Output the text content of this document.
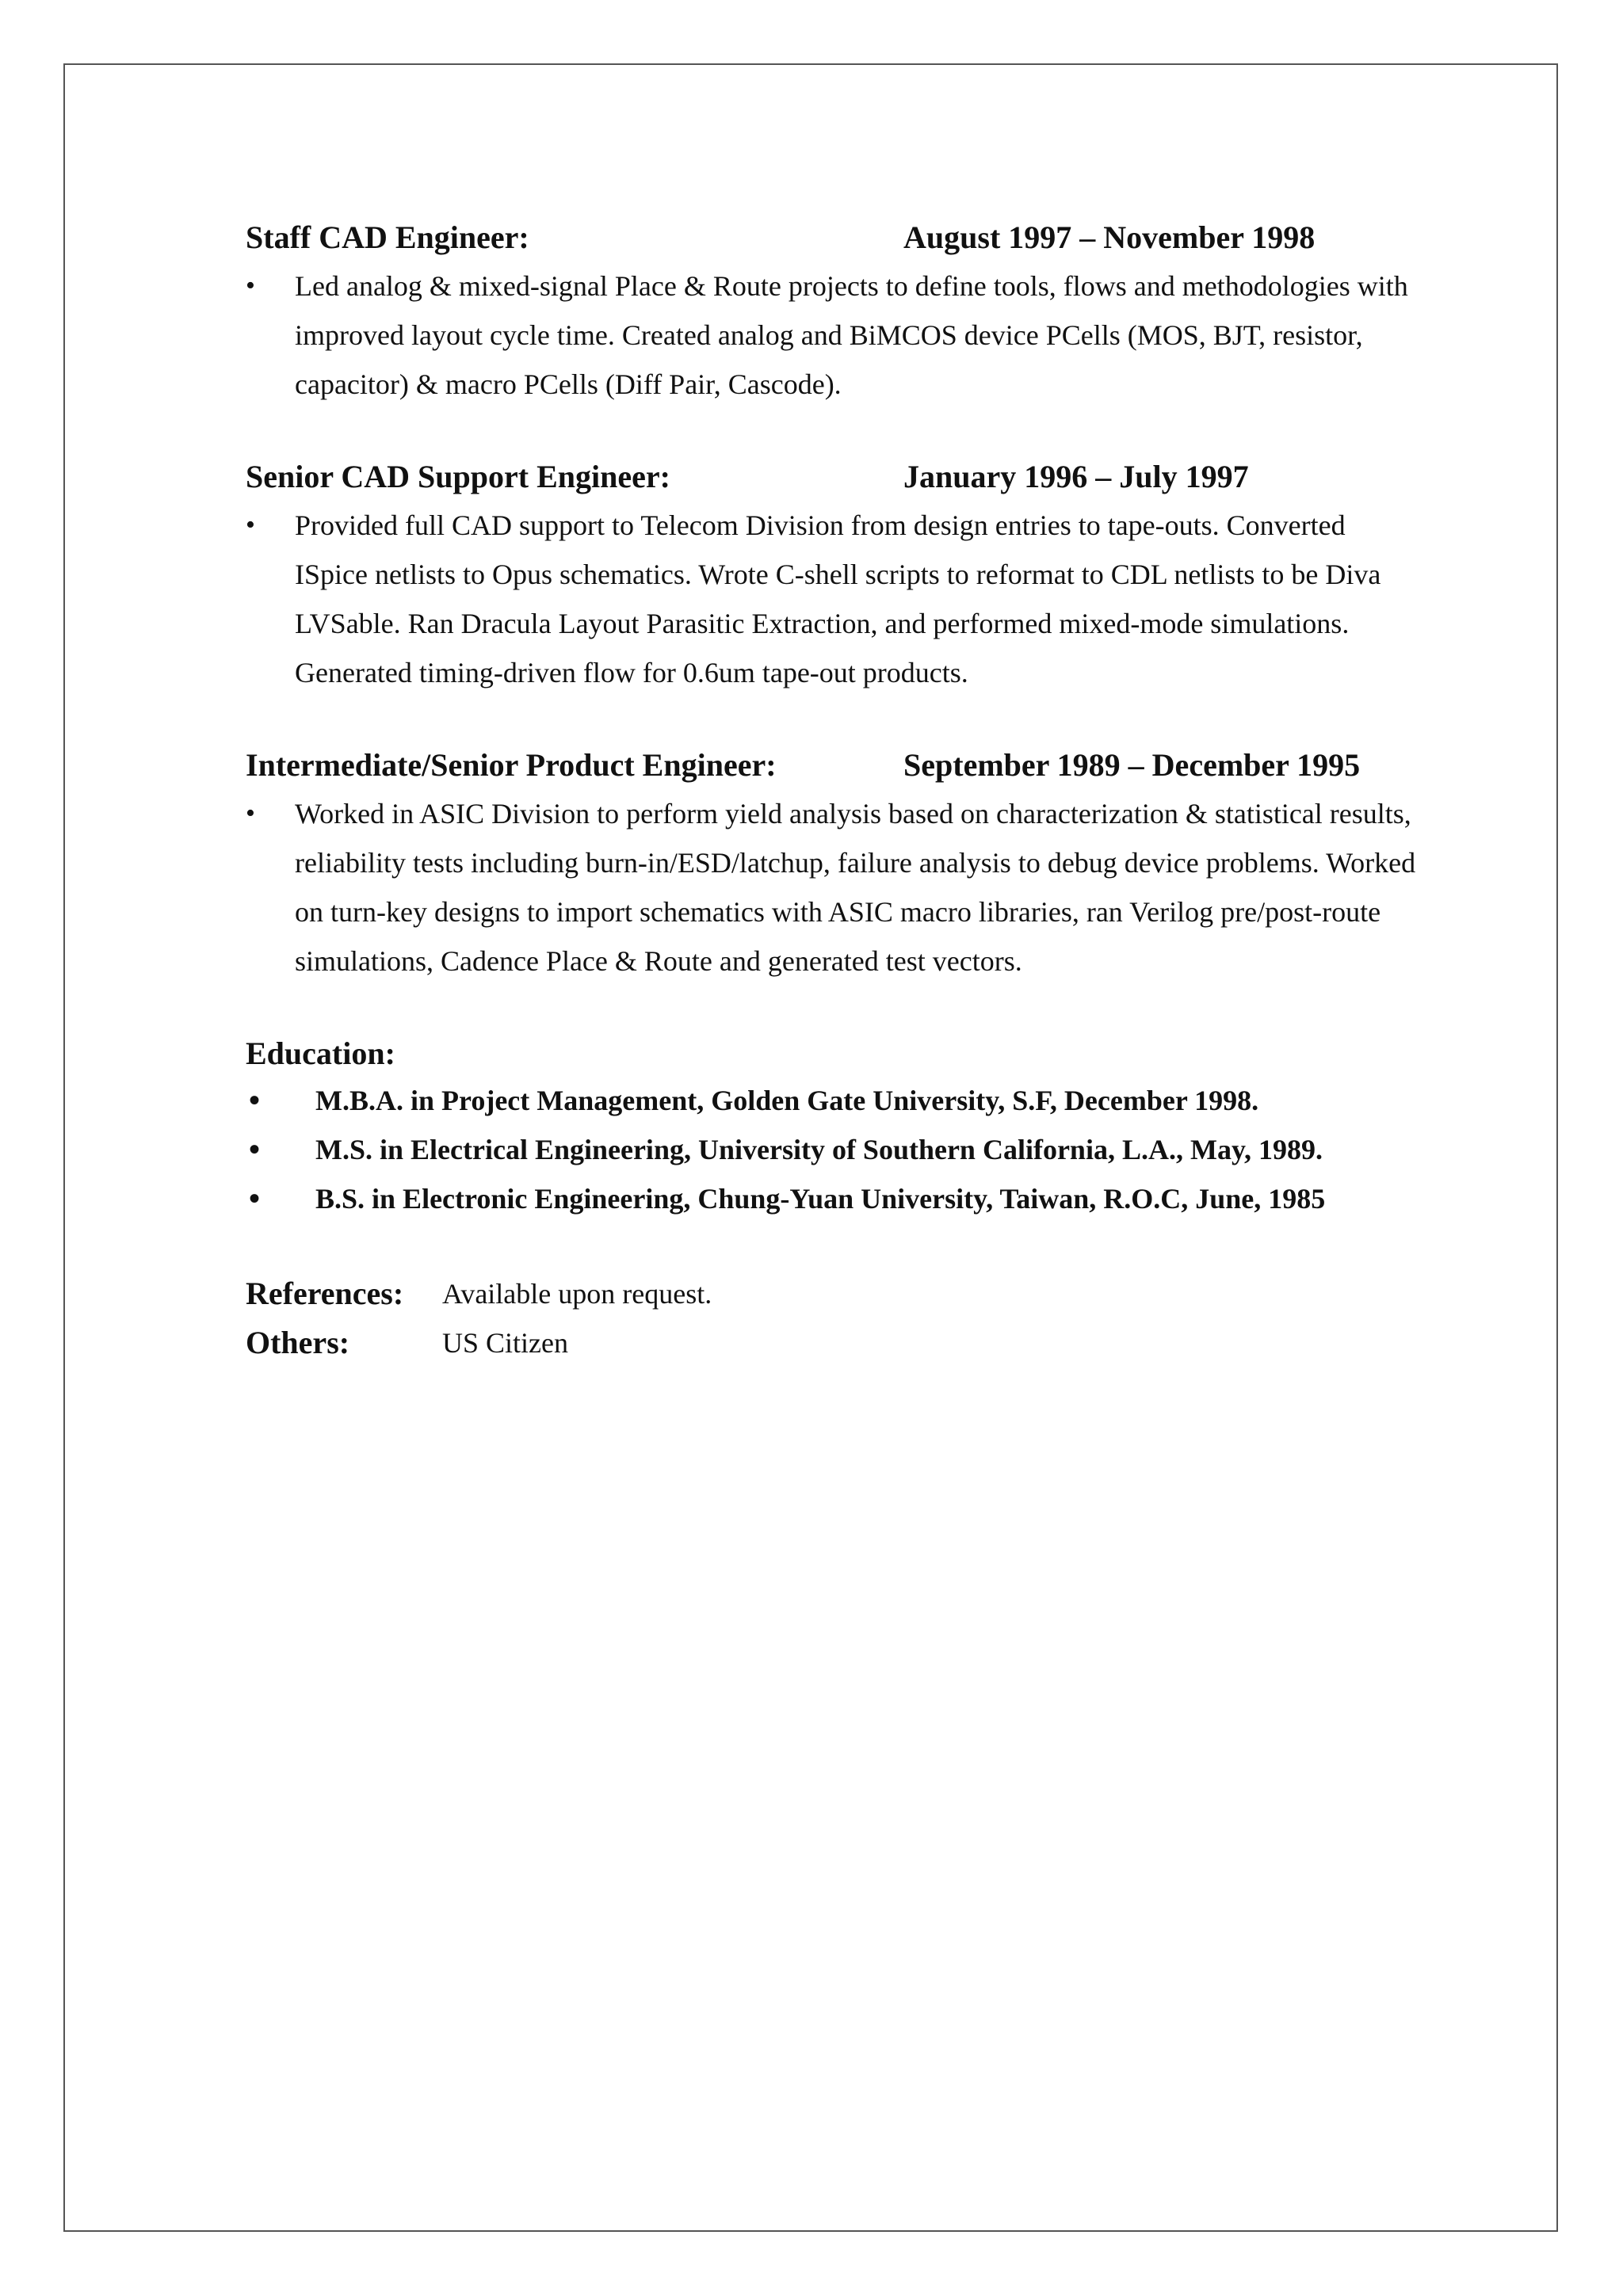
Staff CAD Engineer:	August 1997 – November 1998
•	Led analog & mixed-signal Place & Route projects to define tools, flows and methodologies with improved layout cycle time. Created analog and BiMCOS device PCells (MOS, BJT, resistor, capacitor) & macro PCells (Diff Pair, Cascode).
Senior CAD Support Engineer:	January 1996 – July 1997
•	Provided full CAD support to Telecom Division from design entries to tape-outs. Converted ISpice netlists to Opus schematics. Wrote C-shell scripts to reformat to CDL netlists to be Diva LVSable. Ran Dracula Layout Parasitic Extraction, and performed mixed-mode simulations. Generated timing-driven flow for 0.6um tape-out products.
Intermediate/Senior Product Engineer:	September 1989 – December 1995
•	Worked in ASIC Division to perform yield analysis based on characterization & statistical results, reliability tests including burn-in/ESD/latchup, failure analysis to debug device problems. Worked on turn-key designs to import schematics with ASIC macro libraries, ran Verilog pre/post-route simulations, Cadence Place & Route and generated test vectors.
Education:
•	M.B.A. in Project Management, Golden Gate University, S.F, December 1998.
•	M.S. in Electrical Engineering, University of Southern California, L.A., May, 1989.
•	B.S. in Electronic Engineering, Chung-Yuan University, Taiwan, R.O.C, June, 1985
References:	Available upon request.
Others:	US Citizen
